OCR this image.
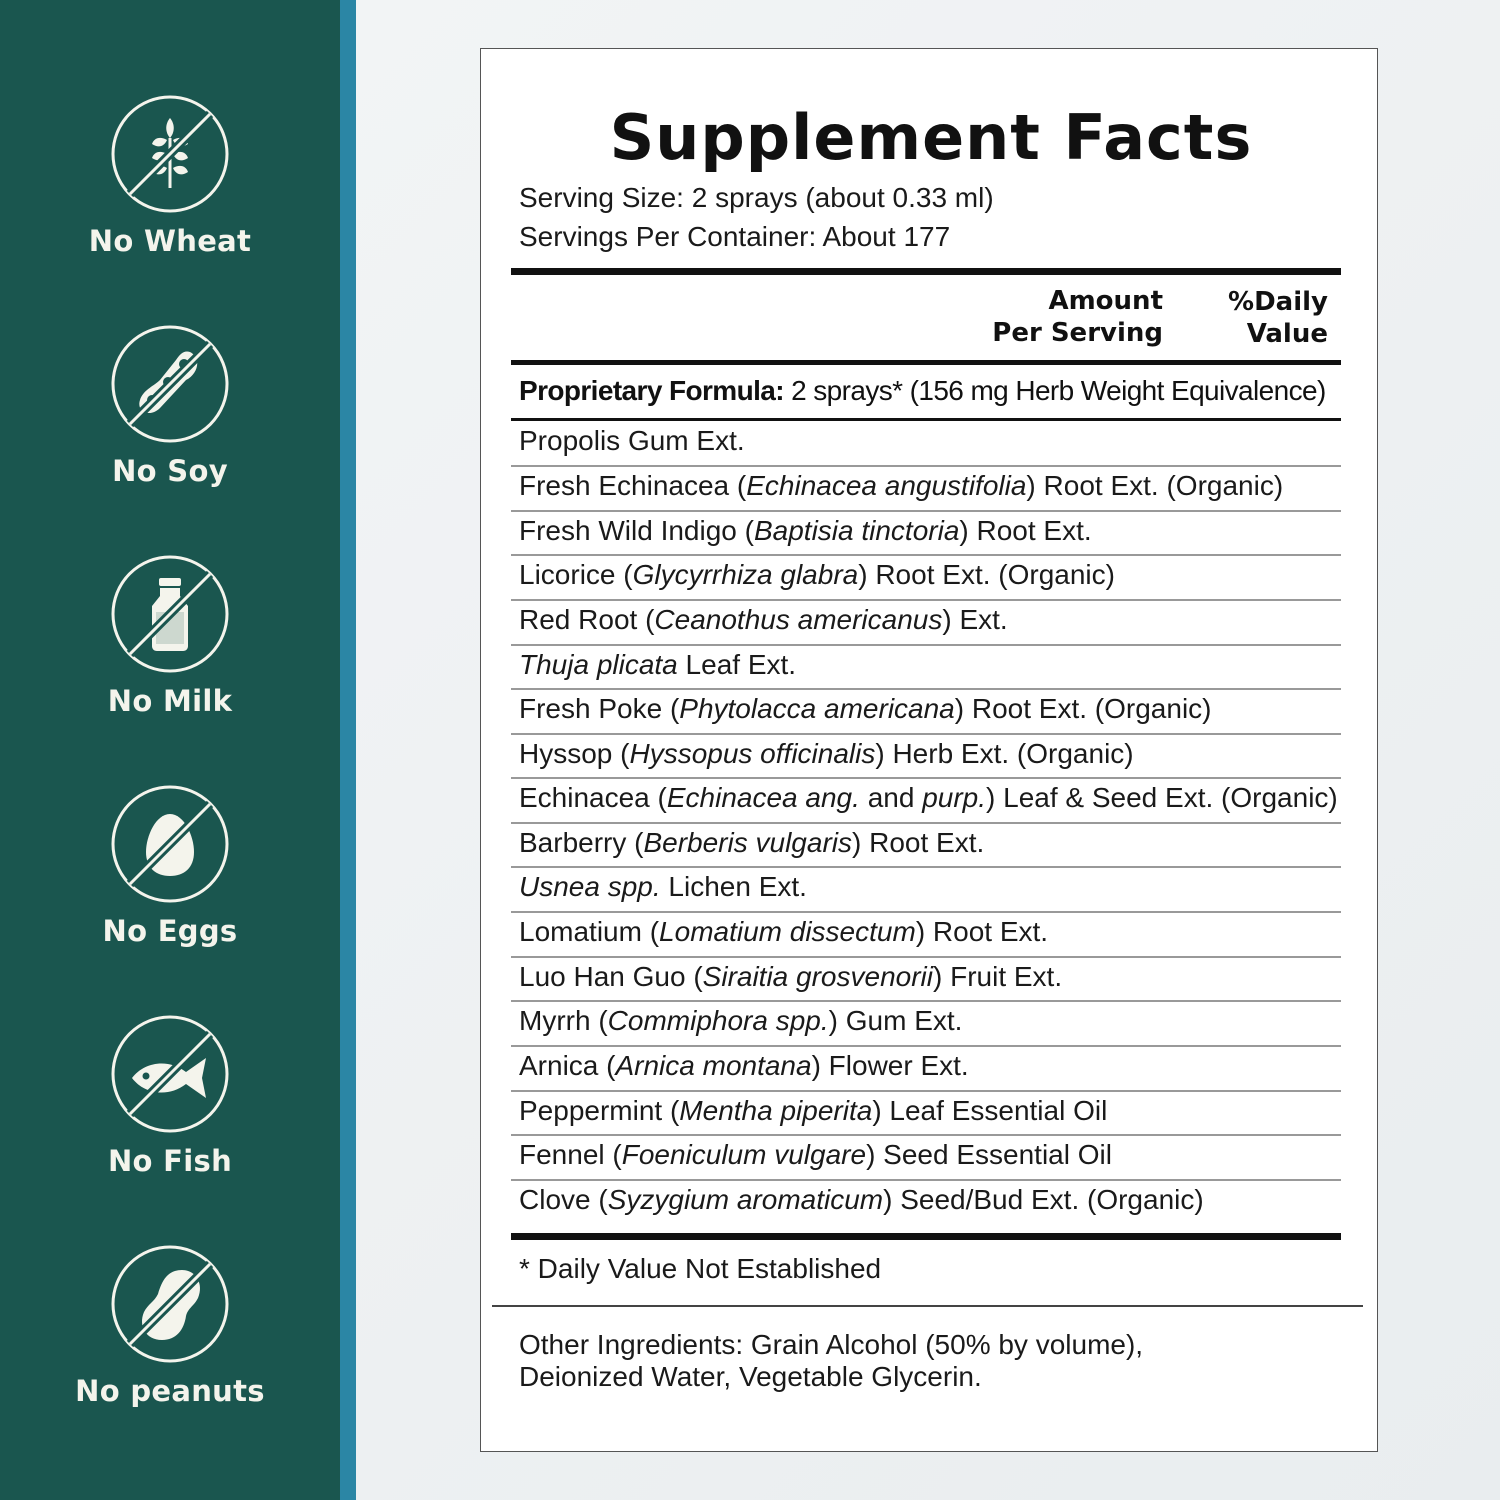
No Wheat
No Soy
No Milk
No Eggs
No Fish
No peanuts
Supplement Facts
Serving Size: 2 sprays (about 0.33 ml)
Servings Per Container: About 177
Amount
Per Serving
%Daily
Value
Proprietary Formula: 2 sprays* (156 mg Herb Weight Equivalence)
Propolis Gum Ext.
Fresh Echinacea (Echinacea angustifolia) Root Ext. (Organic)
Fresh Wild Indigo (Baptisia tinctoria) Root Ext.
Licorice (Glycyrrhiza glabra) Root Ext. (Organic)
Red Root (Ceanothus americanus) Ext.
Thuja plicata Leaf Ext.
Fresh Poke (Phytolacca americana) Root Ext. (Organic)
Hyssop (Hyssopus officinalis) Herb Ext. (Organic)
Echinacea (Echinacea ang. and purp.) Leaf & Seed Ext. (Organic)
Barberry (Berberis vulgaris) Root Ext.
Usnea spp. Lichen Ext.
Lomatium (Lomatium dissectum) Root Ext.
Luo Han Guo (Siraitia grosvenorii) Fruit Ext.
Myrrh (Commiphora spp.) Gum Ext.
Arnica (Arnica montana) Flower Ext.
Peppermint (Mentha piperita) Leaf Essential Oil
Fennel (Foeniculum vulgare) Seed Essential Oil
Clove (Syzygium aromaticum) Seed/Bud Ext. (Organic)
* Daily Value Not Established
Other Ingredients: Grain Alcohol (50% by volume),
Deionized Water, Vegetable Glycerin.
